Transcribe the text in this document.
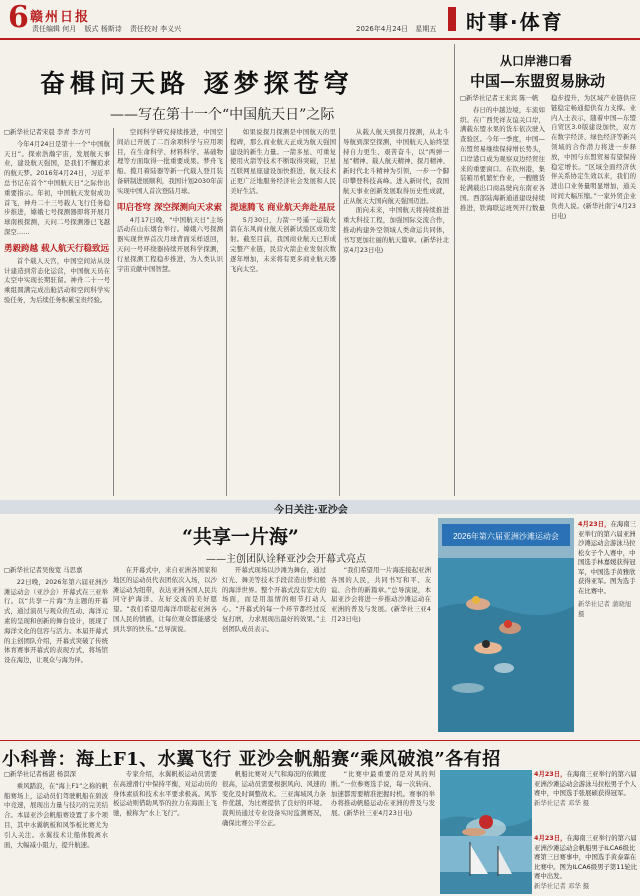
6 赣州日报
责任编辑 何月 版式 杨斯诗 责任校对 李义兴	2026年4月24日 星期五 时事·体育
奋楫问天路 逐梦探苍穹
——写在第十一个“中国航天日”之际
□新华社记者宋晨 李青 李方可

今年4月24日是第十一个“中国航天日”。探索浩瀚宇宙，发展航天事业，建设航天强国，是我们不懈追求的航天梦。2016年4月24日，习近平总书记在首个“中国航天日”之际作出重要指示。年初，中国航天发射成功首飞，神舟二十三号载人飞行任务稳步推进，嫦娥七号探测器即将开展月球南极探测，天问二号探测器已飞越深空……

勇毅跨越 载人航天行稳致远

首个载人天宫，中国空间站从设计建造到常态化运营，中国航天员在太空中实现长期驻留。神舟二十一号乘组圆满完成出舱活动和空间科学实验任务，为后续任务积累宝贵经验。

空间科学研究持续推进，中国空间站已开展了二百余项科学与应用项目，在生命科学、材料科学、基础物理等方面取得一批重要成果。梦舟飞船、揽月着陆器等新一代载人登月装备研制进展顺利，我国计划2030年前实现中国人首次登陆月球。

叩启苍穹 深空探测向天求索

4月17日晚，“中国航天日”主场活动在山东烟台举行。嫦娥六号探测器实现世界首次月球背面采样返回，天问一号环绕器持续开展科学探测，行星探测工程稳步推进，为人类认识宇宙贡献中国智慧。

如果说探月探测是中国航天的里程碑，那么商业航天正成为航天强国建设的新生力量。一箭多星、可重复使用火箭等技术不断取得突破，卫星互联网星座建设加快推进，航天技术正更广泛地服务经济社会发展和人民美好生活。

提速腾飞 商业航天奔赴星辰

5月30日，力箭一号遥一运载火箭在东风商业航天创新试验区成功发射。截至目前，我国商业航天已形成完整产业链，民营火箭企业发射次数逐年增加，未来将有更多商业航天器飞向太空。

从载人航天到探月探测，从北斗导航到深空探测，中国航天人始终坚持自力更生、艰苦奋斗，以“两弹一星”精神、载人航天精神、探月精神、新时代北斗精神为引领，一步一个脚印攀登科技高峰。进入新时代，我国航天事业创新发展取得历史性成就，正从航天大国向航天强国迈进。

面向未来，中国航天将持续推进重大科技工程，加强国际交流合作，推动构建外空领域人类命运共同体，书写更加壮丽的航天篇章。(新华社北京4月23日电)

从口岸港口看
中国—东盟贸易脉动
□新华社记者王来宾 陈一帆

春日的中越边境，车流如织。在广西凭祥友谊关口岸，满载东盟水果的货车依次驶入查验区。今年一季度，中国—东盟贸易继续保持增长势头，口岸港口成为观察双边经贸往来的重要窗口。在钦州港，集装箱吊机繁忙作业，一艘艘货轮满载出口商品驶向东南亚各国。西部陆海新通道建设持续推进，铁海联运班列开行数量稳步提升，为区域产业链供应链稳定畅通提供有力支撑。业内人士表示，随着中国—东盟自贸区3.0版建设加快，双方在数字经济、绿色经济等新兴领域的合作潜力将进一步释放，中国与东盟贸易有望保持稳定增长。“区域全面经济伙伴关系协定生效以来，我们的进出口业务量明显增加，通关时间大幅压缩。”一家外贸企业负责人说。(新华社南宁4月23日电)

今日关注·亚沙会
“共享一片海”
——主创团队诠释亚沙会开幕式亮点
□新华社记者吴俊宽 马思嘉

22日晚，2026年第六届亚洲沙滩运动会（亚沙会）开幕式在三亚举行。以“共享一片海”为主题的开幕式，通过演员与观众的互动、海洋元素的呈现和创新的舞台设计，展现了海洋文化的包容与活力。本届开幕式的主创团队介绍，开幕式突破了传统体育赛事开幕式的表现方式，将场馆设在海边，让观众与海为伴。

在开幕式中，来自亚洲各国家和地区的运动员代表团依次入场，以沙滩运动为纽带，表达亚洲各国人民共同守护海洋、友好交流的美好愿望。“我们希望用海洋串联起亚洲各国人民的情感，让每位观众都能感受到共享的快乐。”总导演说。

开幕式现场以沙滩为舞台，通过灯光、舞美等技术手段营造出梦幻般的海洋世界。整个开幕式没有宏大的场面，而是用温情的细节打动人心。“开幕式的每一个环节都经过反复打磨，力求展现出最好的效果。”主创团队成员表示。

“我们希望用一片海连接起亚洲各国的人民，共同书写和平、友谊、合作的新篇章。”总导演说，本届亚沙会将进一步推动沙滩运动在亚洲的普及与发展。(新华社三亚4月23日电)

2026年第六届亚洲沙滩运动会
4月23日，在海南三亚举行的第六届亚洲沙滩运动会游泳马拉松女子个人赛中，中国选手林嘉媛获得冠军，中国选手黄雅欣获得亚军。图为选手在比赛中。
新华社记者 蒲晓旭 摄
小科普：海上F1、水翼飞行 亚沙会帆船赛“乘风破浪”各有招
□新华社记者杨湛 杨溟深

乘风踏浪，在“海上F1”之称的帆船赛场上，运动员们驾驶帆船在碧波中竞速，展现出力量与技巧的完美结合。本届亚沙会帆船赛设置了多个项目，其中水翼帆板和风筝板比赛尤为引人关注。水翼技术让船体脱离水面，大幅减小阻力，提升航速。

专家介绍，水翼帆板运动员需要在高速滑行中保持平衡，对运动员的身体素质和技术水平要求极高。风筝板运动则借助风筝的拉力在海面上飞驰，被称为“水上飞行”。

帆船比赛对天气和海况的依赖度很高，运动员需要根据风向、风速的变化及时调整战术。三亚海域风力条件优越，为比赛提供了良好的环境。裁判员通过专业设备实时监测赛况，确保比赛公平公正。

“比赛中最重要的是对风的判断。”一位参赛选手说，每一次转向、加速都需要精准把握时机。赛事的举办将推动帆船运动在亚洲的普及与发展。(新华社三亚4月23日电)

4月23日，在海南三亚举行的第六届亚洲沙滩运动会游泳马拉松男子个人赛中，中国选手张展硕获得冠军。
新华社记者 邓华 摄
4月23日，在海南三亚举行的第六届亚洲沙滩运动会帆船男子ILCA6级比赛第三日赛事中，中国选手黄泰霖在比赛中。图为ILCA6级男子第11轮比赛中出发。
新华社记者 邓华 摄
